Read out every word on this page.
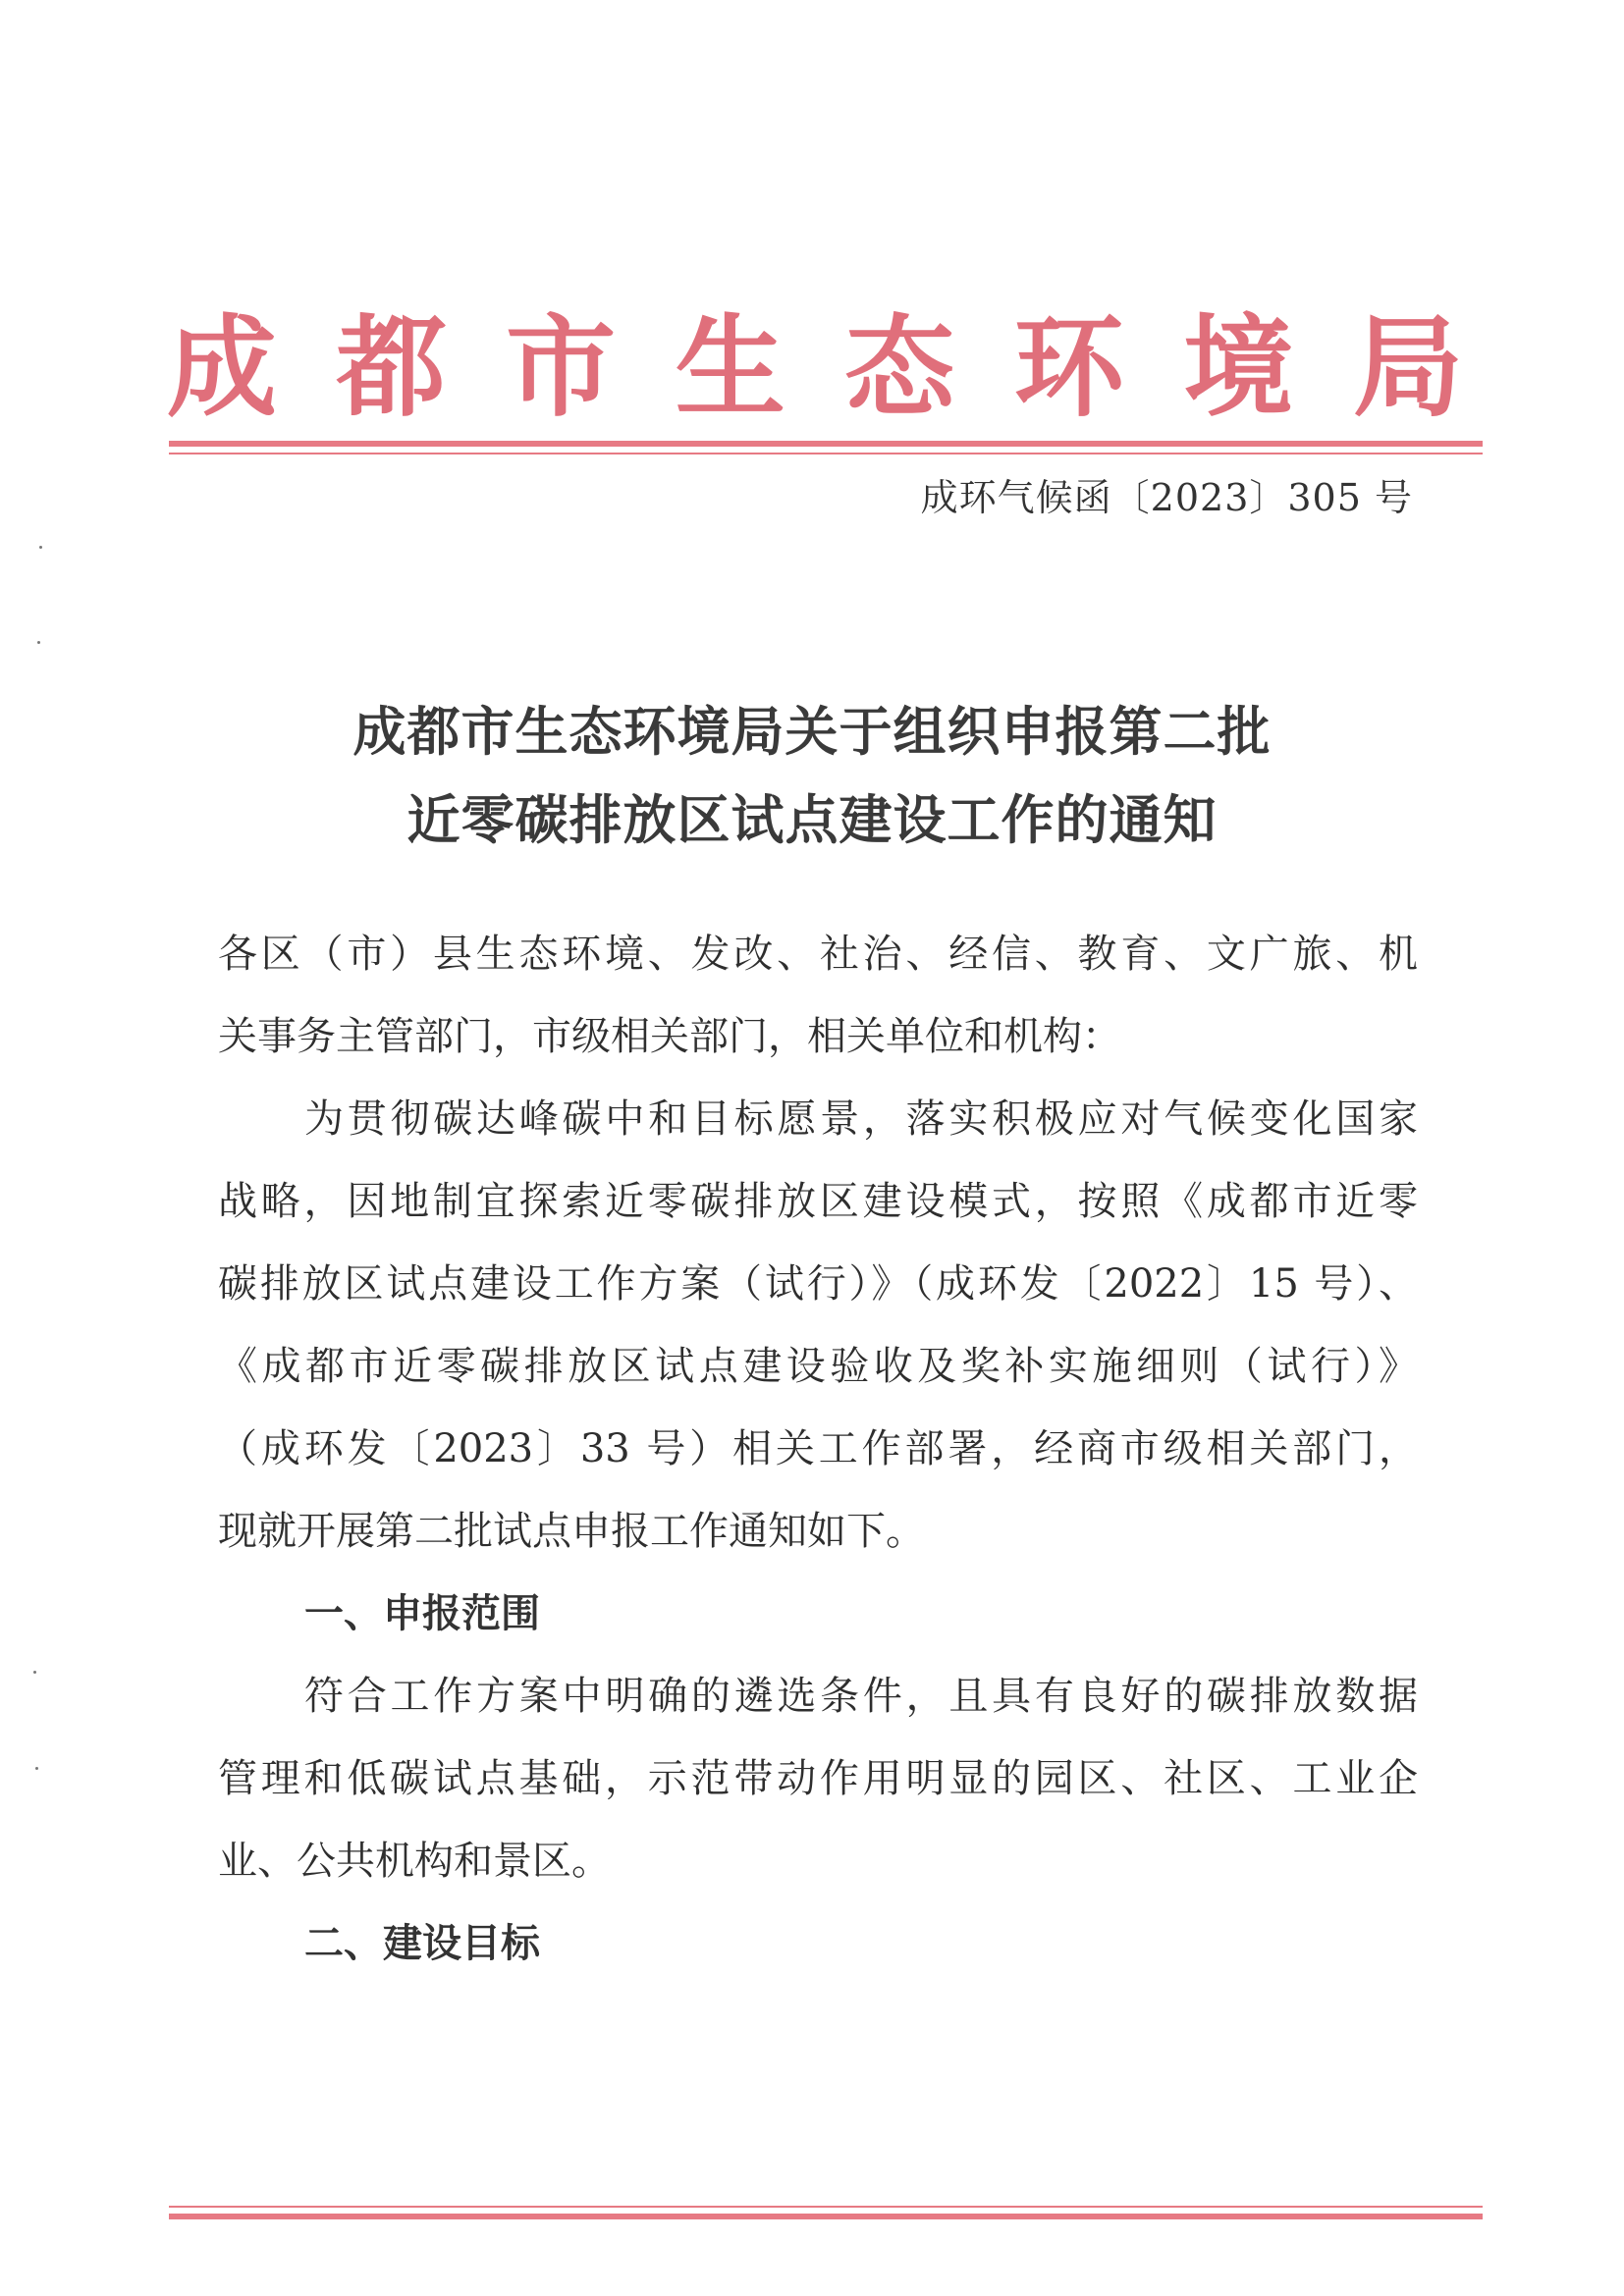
成 都 市 生 态 环 境 局
成环气候函〔2023〕305 号
成都市生态环境局关于组织申报第二批
近零碳排放区试点建设工作的通知
各区（市）县生态环境、发改、社治、经信、教育、文广旅、机
关事务主管部门，市级相关部门，相关单位和机构：
为贯彻碳达峰碳中和目标愿景，落实积极应对气候变化国家
战略，因地制宜探索近零碳排放区建设模式，按照《成都市近零
碳排放区试点建设工作方案（试行）》（成环发〔2022〕15 号）、
《成都市近零碳排放区试点建设验收及奖补实施细则（试行）》
（成环发〔2023〕33 号）相关工作部署，经商市级相关部门，
现就开展第二批试点申报工作通知如下。
一、申报范围
符合工作方案中明确的遴选条件，且具有良好的碳排放数据
管理和低碳试点基础，示范带动作用明显的园区、社区、工业企
业、公共机构和景区。
二、建设目标
